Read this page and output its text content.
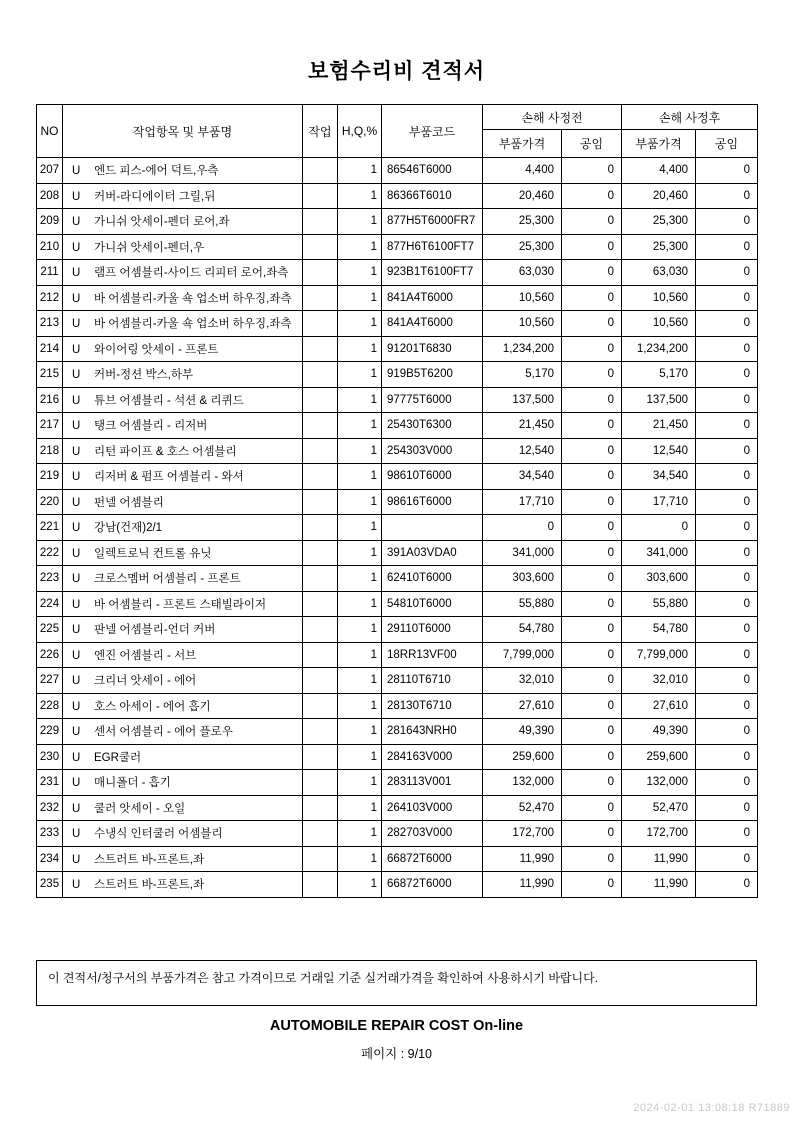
보험수리비 견적서
NO	작업항목 및 부품명	작업	H,Q,%	부품코드	손해 사정전		손해 사정후	
					부품가격	공임	부품가격	공임
207	U 엔드 피스-에어 덕트,우측		1	86546T6000	4,400	0	4,400	0
208	U 커버-라디에이터 그릴,뒤		1	86366T6010	20,460	0	20,460	0
209	U 가니쉬 앗세이-펜더 로어,좌		1	877H5T6000FR7	25,300	0	25,300	0
210	U 가니쉬 앗세이-펜더,우		1	877H6T6100FT7	25,300	0	25,300	0
211	U 램프 어셈블리-사이드 리피터 로어,좌측		1	923B1T6100FT7	63,030	0	63,030	0
212	U 바 어셈블리-카울 쇽 업소버 하우징,좌측		1	841A4T6000	10,560	0	10,560	0
213	U 바 어셈블리-카울 쇽 업소버 하우징,좌측		1	841A4T6000	10,560	0	10,560	0
214	U 와이어링 앗세이 - 프론트		1	91201T6830	1,234,200	0	1,234,200	0
215	U 커버-정션 박스,하부		1	919B5T6200	5,170	0	5,170	0
216	U 튜브 어셈블리 - 석션 & 리퀴드		1	97775T6000	137,500	0	137,500	0
217	U 탱크 어셈블리 - 리저버		1	25430T6300	21,450	0	21,450	0
218	U 리턴 파이프 & 호스 어셈블리		1	254303V000	12,540	0	12,540	0
219	U 리저버 & 펌프 어셈블리 - 와셔		1	98610T6000	34,540	0	34,540	0
220	U 펀넬 어셈블리		1	98616T6000	17,710	0	17,710	0
221	U 강남(건재)2/1		1		0	0	0	0
222	U 일렉트로닉 컨트롤 유닛		1	391A03VDA0	341,000	0	341,000	0
223	U 크로스멤버 어셈블리 - 프론트		1	62410T6000	303,600	0	303,600	0
224	U 바 어셈블리 - 프론트 스태빌라이저		1	54810T6000	55,880	0	55,880	0
225	U 판넬 어셈블리-언더 커버		1	29110T6000	54,780	0	54,780	0
226	U 엔진 어셈블리 - 서브		1	18RR13VF00	7,799,000	0	7,799,000	0
227	U 크리너 앗세이 - 에어		1	28110T6710	32,010	0	32,010	0
228	U 호스 아세이 - 에어 흡기		1	28130T6710	27,610	0	27,610	0
229	U 센서 어셈블리 - 에어 플로우		1	281643NRH0	49,390	0	49,390	0
230	U EGR쿨러		1	284163V000	259,600	0	259,600	0
231	U 매니폴더 - 흡기		1	283113V001	132,000	0	132,000	0
232	U 쿨러 앗세이 - 오일		1	264103V000	52,470	0	52,470	0
233	U 수냉식 인터쿨러 어셈블리		1	282703V000	172,700	0	172,700	0
234	U 스트러트 바-프론트,좌		1	66872T6000	11,990	0	11,990	0
235	U 스트러트 바-프론트,좌		1	66872T6000	11,990	0	11,990	0
이 견적서/청구서의 부품가격은 참고 가격이므로 거래일 기준 실거래가격을 확인하여 사용하시기 바랍니다.
AUTOMOBILE REPAIR COST On-line
페이지 : 9/10
2024-02-01 13:08:18 R71889
